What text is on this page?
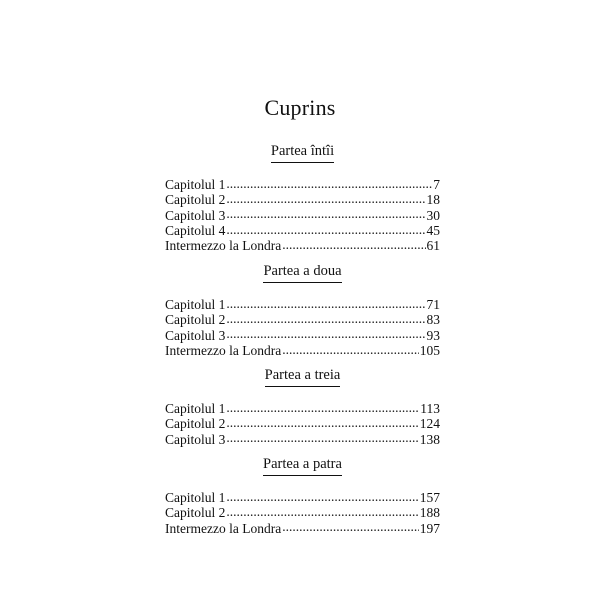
Cuprins
Partea întîi
Capitolul 1 .....	7
Capitolul 2 .....	18
Capitolul 3 .....	30
Capitolul 4 .....	45
Intermezzo la Londra .....	61
Partea a doua
Capitolul 1 .....	71
Capitolul 2 .....	83
Capitolul 3 .....	93
Intermezzo la Londra .....	105
Partea a treia
Capitolul 1 .....	113
Capitolul 2 .....	124
Capitolul 3 .....	138
Partea a patra
Capitolul 1 .....	157
Capitolul 2 .....	188
Intermezzo la Londra .....	197
